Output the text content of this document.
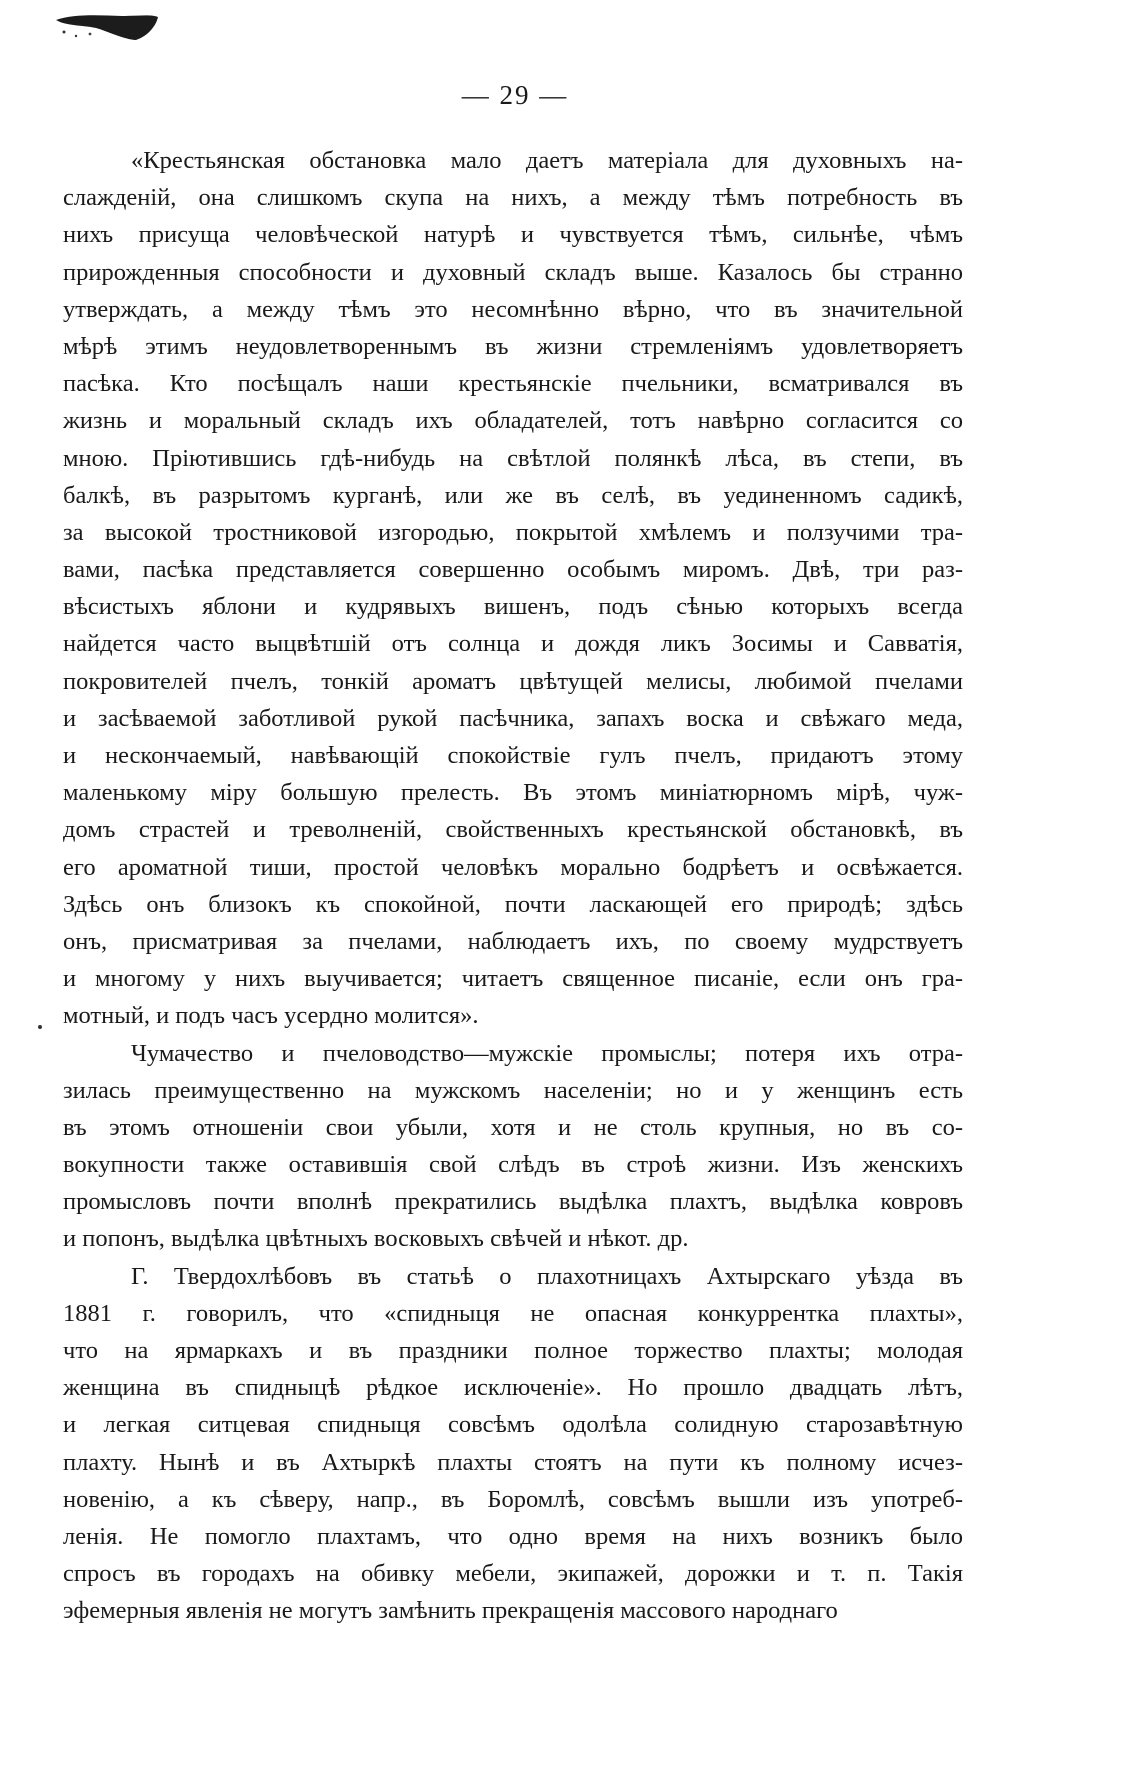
— 29 —
«Крестьянская обстановка мало даетъ матеріала для духовныхъ на-
слажденій, она слишкомъ скупа на нихъ, а между тѣмъ потребность въ
нихъ присуща человѣческой натурѣ и чувствуется тѣмъ, сильнѣе, чѣмъ
прирожденныя способности и духовный складъ выше. Казалось бы странно
утверждать, а между тѣмъ это несомнѣнно вѣрно, что въ значительной
мѣрѣ этимъ неудовлетвореннымъ въ жизни стремленіямъ удовлетворяетъ
пасѣка. Кто посѣщалъ наши крестьянскіе пчельники, всматривался въ
жизнь и моральный складъ ихъ обладателей, тотъ навѣрно согласится со
мною. Пріютившись гдѣ-нибудь на свѣтлой полянкѣ лѣса, въ степи, въ
балкѣ, въ разрытомъ курганѣ, или же въ селѣ, въ уединенномъ садикѣ,
за высокой тростниковой изгородью, покрытой хмѣлемъ и ползучими тра-
вами, пасѣка представляется совершенно особымъ миромъ. Двѣ, три раз-
вѣсистыхъ яблони и кудрявыхъ вишенъ, подъ сѣнью которыхъ всегда
найдется часто выцвѣтшій отъ солнца и дождя ликъ Зосимы и Савватія,
покровителей пчелъ, тонкій ароматъ цвѣтущей мелисы, любимой пчелами
и засѣваемой заботливой рукой пасѣчника, запахъ воска и свѣжаго меда,
и нескончаемый, навѣвающій спокойствіе гулъ пчелъ, придаютъ этому
маленькому міру большую прелесть. Въ этомъ миніатюрномъ мірѣ, чуж-
домъ страстей и треволненій, свойственныхъ крестьянской обстановкѣ, въ
его ароматной тиши, простой человѣкъ морально бодрѣетъ и освѣжается.
Здѣсь онъ близокъ къ спокойной, почти ласкающей его природѣ; здѣсь
онъ, присматривая за пчелами, наблюдаетъ ихъ, по своему мудрствуетъ
и многому у нихъ выучивается; читаетъ священное писаніе, если онъ гра-
мотный, и подъ часъ усердно молится».
Чумачество и пчеловодство—мужскіе промыслы; потеря ихъ отра-
зилась преимущественно на мужскомъ населеніи; но и у женщинъ есть
въ этомъ отношеніи свои убыли, хотя и не столь крупныя, но въ со-
вокупности также оставившія свой слѣдъ въ строѣ жизни. Изъ женскихъ
промысловъ почти вполнѣ прекратились выдѣлка плахтъ, выдѣлка ковровъ
и попонъ, выдѣлка цвѣтныхъ восковыхъ свѣчей и нѣкот. др.
Г. Твердохлѣбовъ въ статьѣ о плахотницахъ Ахтырскаго уѣзда въ
1881 г. говорилъ, что «спидныця не опасная конкуррентка плахты»,
что на ярмаркахъ и въ праздники полное торжество плахты; молодая
женщина въ спидныцѣ рѣдкое исключеніе». Но прошло двадцать лѣтъ,
и легкая ситцевая спидныця совсѣмъ одолѣла солидную старозавѣтную
плахту. Нынѣ и въ Ахтыркѣ плахты стоятъ на пути къ полному исчез-
новенію, а къ сѣверу, напр., въ Боромлѣ, совсѣмъ вышли изъ употреб-
ленія. Не помогло плахтамъ, что одно время на нихъ возникъ было
спросъ въ городахъ на обивку мебели, экипажей, дорожки и т. п. Такія
эфемерныя явленія не могутъ замѣнить прекращенія массового народнаго
